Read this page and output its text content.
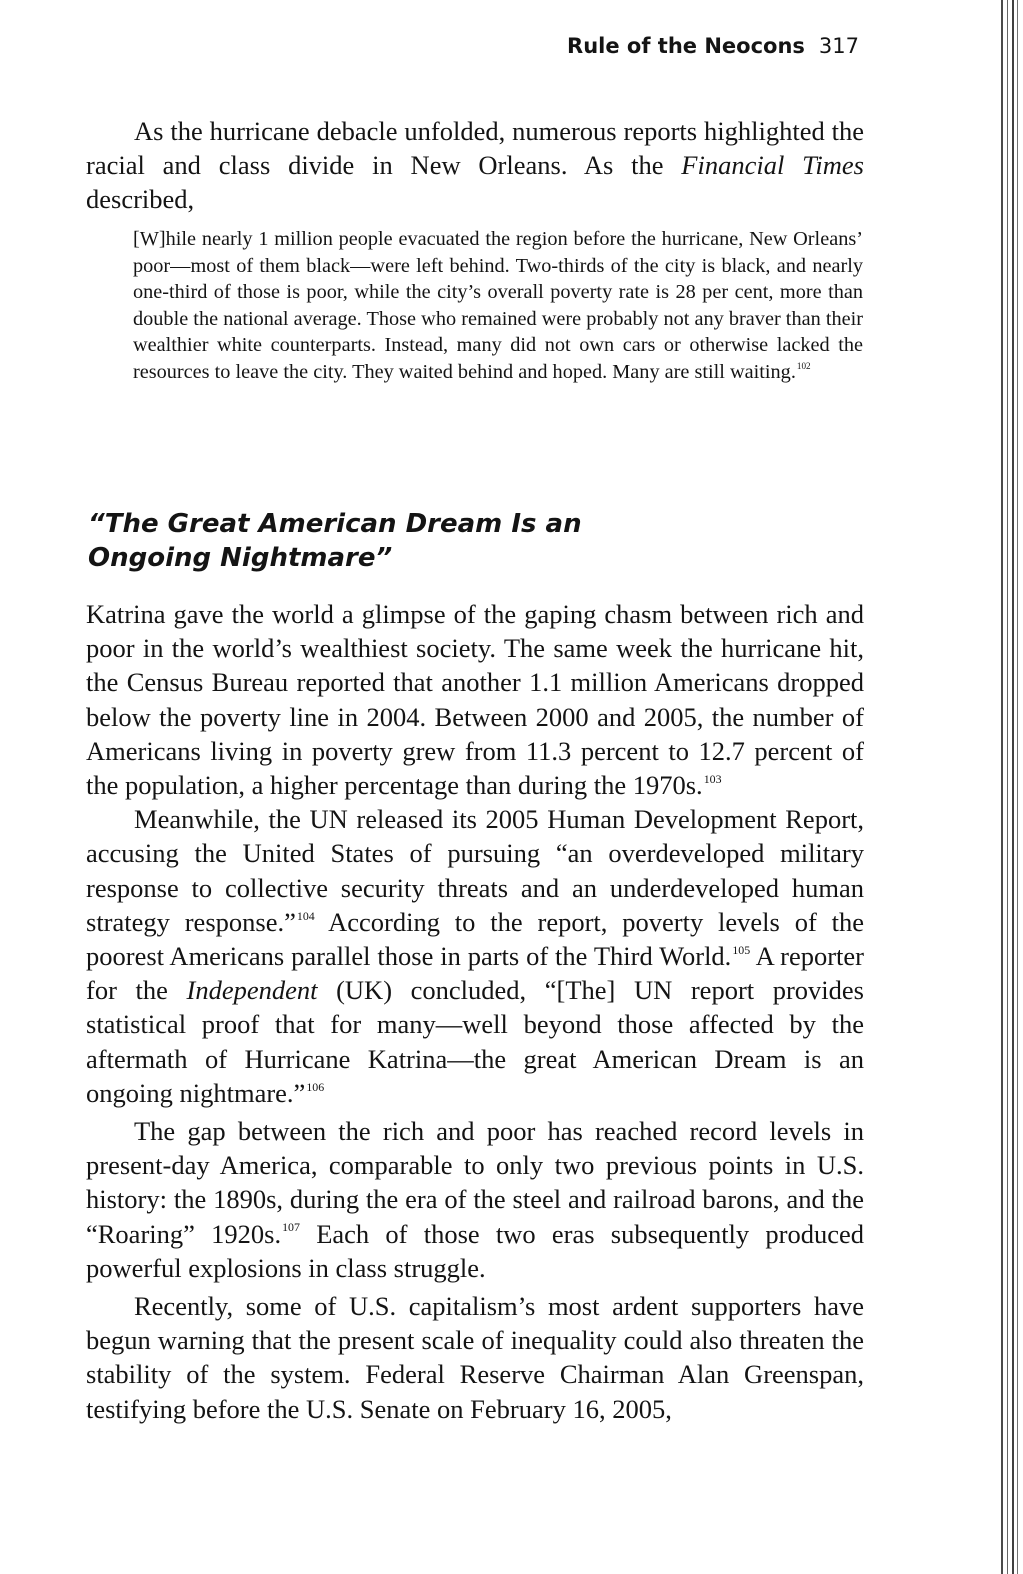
Rule of the Neocons 317

As the hurricane debacle unfolded, numerous reports highlighted the racial and class divide in New Orleans. As the Financial Times described,

[W]hile nearly 1 million people evacuated the region before the hurricane, New Orleans’ poor—most of them black—were left behind. Two-thirds of the city is black, and nearly one-third of those is poor, while the city’s overall poverty rate is 28 per cent, more than double the national average. Those who remained were probably not any braver than their wealthier white counterparts. Instead, many did not own cars or otherwise lacked the resources to leave the city. They waited behind and hoped. Many are still waiting.$^{102}$

“The Great American Dream Is an Ongoing Nightmare”

Katrina gave the world a glimpse of the gaping chasm between rich and poor in the world’s wealthiest society. The same week the hurricane hit, the Census Bureau reported that another 1.1 million Americans dropped below the poverty line in 2004. Between 2000 and 2005, the number of Americans living in poverty grew from 11.3 percent to 12.7 percent of the population, a higher percentage than during the 1970s.$^{103}$

Meanwhile, the UN released its 2005 Human Development Report, accusing the United States of pursuing “an overdeveloped military response to collective security threats and an underdeveloped human strategy response.”$^{104}$ According to the report, poverty levels of the poorest Americans parallel those in parts of the Third World.$^{105}$ A reporter for the Independent (UK) concluded, “[The] UN report provides statistical proof that for many—well beyond those affected by the aftermath of Hurricane Katrina—the great American Dream is an ongoing nightmare.”$^{106}$

The gap between the rich and poor has reached record levels in present-day America, comparable to only two previous points in U.S. history: the 1890s, during the era of the steel and railroad barons, and the “Roaring” 1920s.$^{107}$ Each of those two eras subsequently produced powerful explosions in class struggle.

Recently, some of U.S. capitalism’s most ardent supporters have begun warning that the present scale of inequality could also threaten the stability of the system. Federal Reserve Chairman Alan Greenspan, testifying before the U.S. Senate on February 16, 2005,
